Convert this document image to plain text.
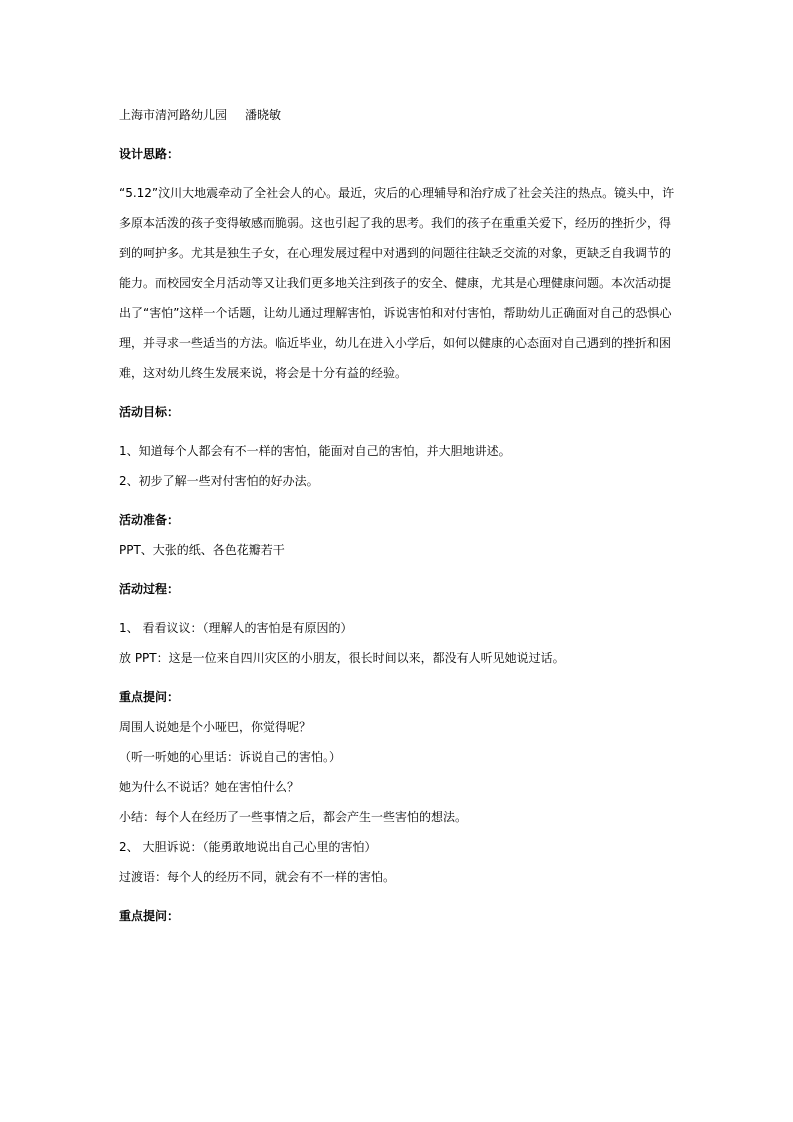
上海市清河路幼儿园 潘晓敏

设计思路：

“5.12”汶川大地震牵动了全社会人的心。最近，灾后的心理辅导和治疗成了社会关注的热点。镜头中，许

多原本活泼的孩子变得敏感而脆弱。这也引起了我的思考。我们的孩子在重重关爱下，经历的挫折少，得

到的呵护多。尤其是独生子女，在心理发展过程中对遇到的问题往往缺乏交流的对象，更缺乏自我调节的

能力。而校园安全月活动等又让我们更多地关注到孩子的安全、健康，尤其是心理健康问题。本次活动提

出了“害怕”这样一个话题，让幼儿通过理解害怕，诉说害怕和对付害怕，帮助幼儿正确面对自己的恐惧心

理，并寻求一些适当的方法。临近毕业，幼儿在进入小学后，如何以健康的心态面对自己遇到的挫折和困

难，这对幼儿终生发展来说，将会是十分有益的经验。

活动目标：

1、知道每个人都会有不一样的害怕，能面对自己的害怕，并大胆地讲述。

2、初步了解一些对付害怕的好办法。

活动准备：

PPT、大张的纸、各色花瓣若干

活动过程：

1、 看看议议：（理解人的害怕是有原因的）

放 PPT：这是一位来自四川灾区的小朋友，很长时间以来，都没有人听见她说过话。

重点提问：

周围人说她是个小哑巴，你觉得呢？

（听一听她的心里话：诉说自己的害怕。）

她为什么不说话？她在害怕什么？

小结：每个人在经历了一些事情之后，都会产生一些害怕的想法。

2、 大胆诉说：（能勇敢地说出自己心里的害怕）

过渡语：每个人的经历不同，就会有不一样的害怕。

重点提问：
